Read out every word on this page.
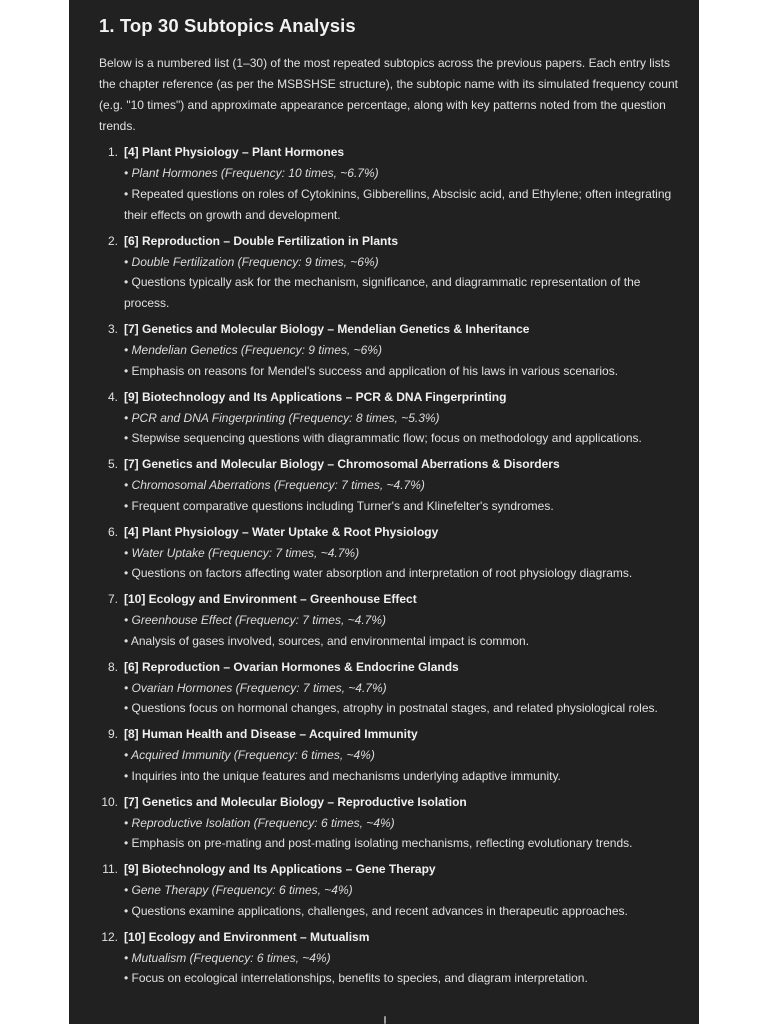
1. Top 30 Subtopics Analysis
Below is a numbered list (1–30) of the most repeated subtopics across the previous papers. Each entry lists the chapter reference (as per the MSBSHSE structure), the subtopic name with its simulated frequency count (e.g. "10 times") and approximate appearance percentage, along with key patterns noted from the question trends.
1. [4] Plant Physiology – Plant Hormones
• Plant Hormones (Frequency: 10 times, ~6.7%)
• Repeated questions on roles of Cytokinins, Gibberellins, Abscisic acid, and Ethylene; often integrating their effects on growth and development.
2. [6] Reproduction – Double Fertilization in Plants
• Double Fertilization (Frequency: 9 times, ~6%)
• Questions typically ask for the mechanism, significance, and diagrammatic representation of the process.
3. [7] Genetics and Molecular Biology – Mendelian Genetics & Inheritance
• Mendelian Genetics (Frequency: 9 times, ~6%)
• Emphasis on reasons for Mendel's success and application of his laws in various scenarios.
4. [9] Biotechnology and Its Applications – PCR & DNA Fingerprinting
• PCR and DNA Fingerprinting (Frequency: 8 times, ~5.3%)
• Stepwise sequencing questions with diagrammatic flow; focus on methodology and applications.
5. [7] Genetics and Molecular Biology – Chromosomal Aberrations & Disorders
• Chromosomal Aberrations (Frequency: 7 times, ~4.7%)
• Frequent comparative questions including Turner's and Klinefelter's syndromes.
6. [4] Plant Physiology – Water Uptake & Root Physiology
• Water Uptake (Frequency: 7 times, ~4.7%)
• Questions on factors affecting water absorption and interpretation of root physiology diagrams.
7. [10] Ecology and Environment – Greenhouse Effect
• Greenhouse Effect (Frequency: 7 times, ~4.7%)
• Analysis of gases involved, sources, and environmental impact is common.
8. [6] Reproduction – Ovarian Hormones & Endocrine Glands
• Ovarian Hormones (Frequency: 7 times, ~4.7%)
• Questions focus on hormonal changes, atrophy in postnatal stages, and related physiological roles.
9. [8] Human Health and Disease – Acquired Immunity
• Acquired Immunity (Frequency: 6 times, ~4%)
• Inquiries into the unique features and mechanisms underlying adaptive immunity.
10. [7] Genetics and Molecular Biology – Reproductive Isolation
• Reproductive Isolation (Frequency: 6 times, ~4%)
• Emphasis on pre-mating and post-mating isolating mechanisms, reflecting evolutionary trends.
11. [9] Biotechnology and Its Applications – Gene Therapy
• Gene Therapy (Frequency: 6 times, ~4%)
• Questions examine applications, challenges, and recent advances in therapeutic approaches.
12. [10] Ecology and Environment – Mutualism
• Mutualism (Frequency: 6 times, ~4%)
• Focus on ecological interrelationships, benefits to species, and diagram interpretation.
